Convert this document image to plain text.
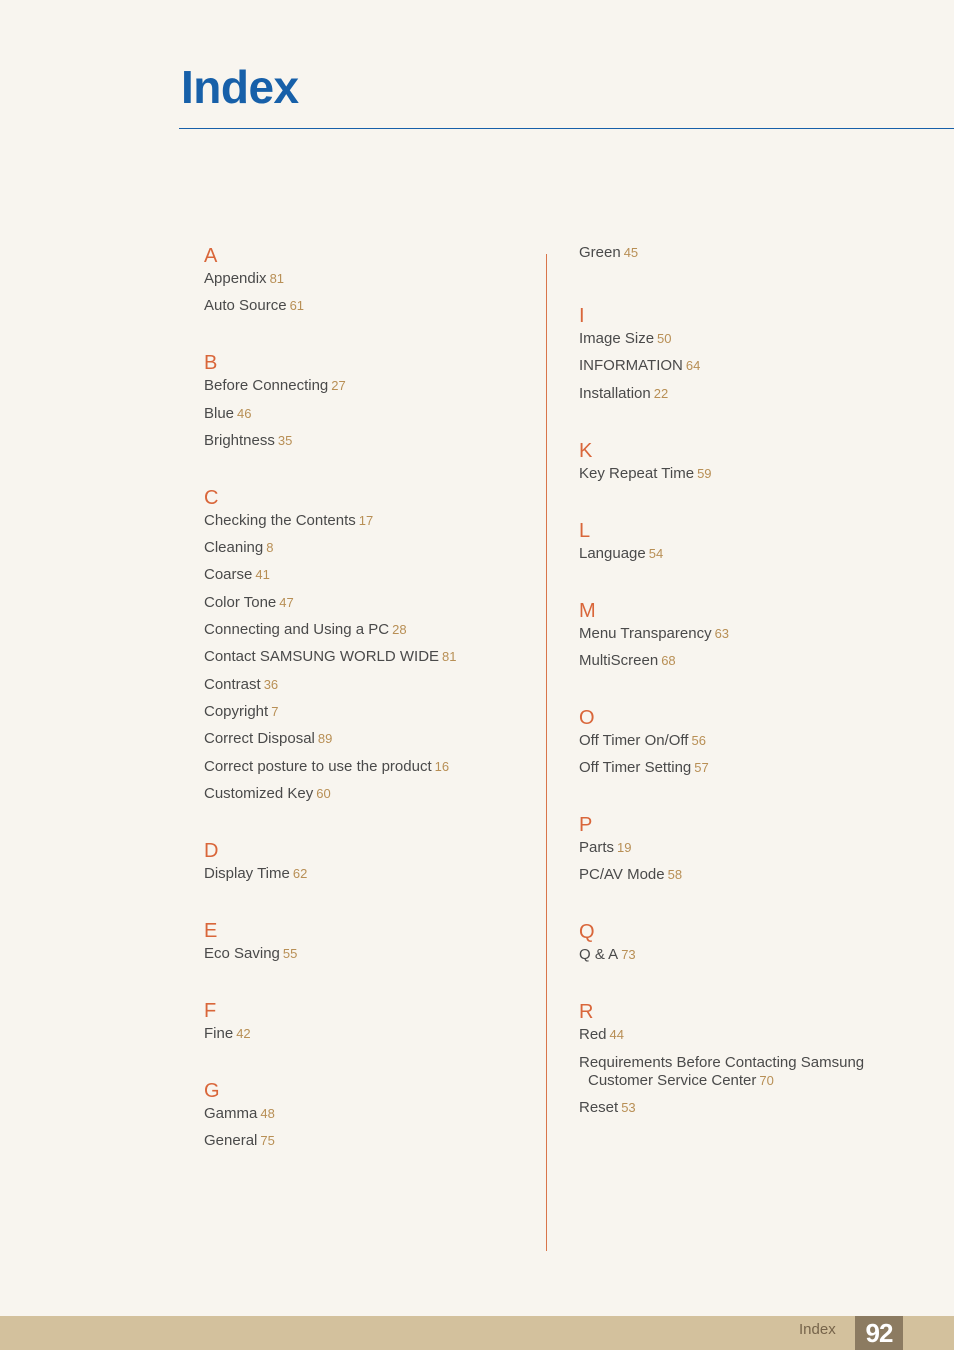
Index
A
Appendix 81
Auto Source 61
B
Before Connecting 27
Blue 46
Brightness 35
C
Checking the Contents 17
Cleaning 8
Coarse 41
Color Tone 47
Connecting and Using a PC 28
Contact SAMSUNG WORLD WIDE 81
Contrast 36
Copyright 7
Correct Disposal 89
Correct posture to use the product 16
Customized Key 60
D
Display Time 62
E
Eco Saving 55
F
Fine 42
G
Gamma 48
General 75
Green 45
I
Image Size 50
INFORMATION 64
Installation 22
K
Key Repeat Time 59
L
Language 54
M
Menu Transparency 63
MultiScreen 68
O
Off Timer On/Off 56
Off Timer Setting 57
P
Parts 19
PC/AV Mode 58
Q
Q & A 73
R
Red 44
Requirements Before Contacting Samsung
Customer Service Center 70
Reset 53
Index	92
